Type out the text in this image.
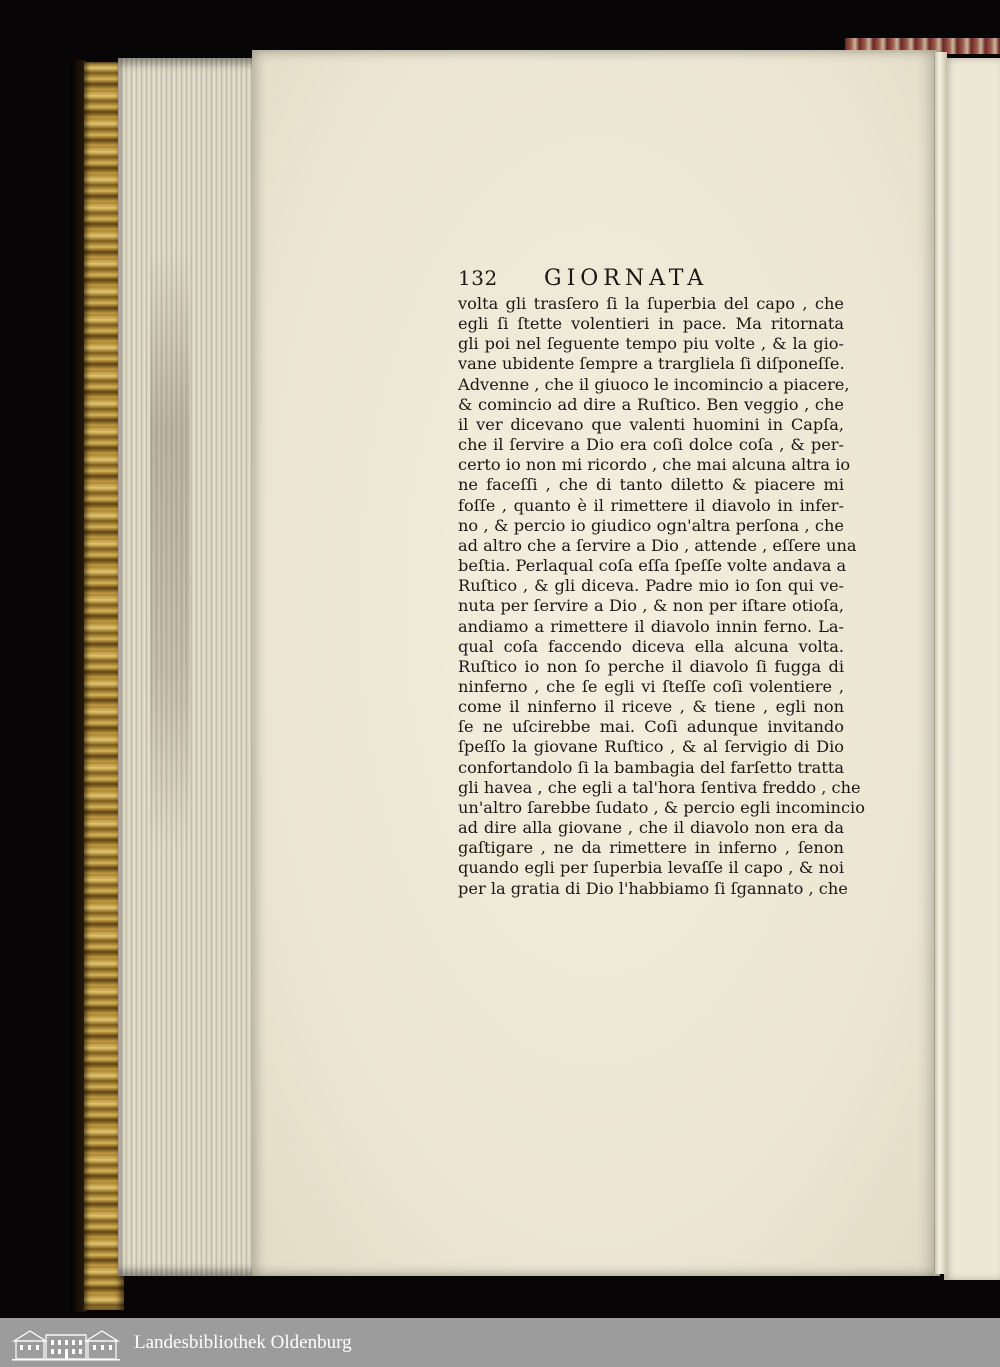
132	GIORNATA
volta gli trasſero ſi la ſuperbia del capo , che
egli ſi ſtette volentieri in pace. Ma ritornata
gli poi nel ſeguente tempo piu volte , & la gio-
vane ubidente ſempre a trargliela ſi diſponeſſe.
Advenne , che il giuoco le incomincio a piacere,
& comincio ad dire a Ruſtico. Ben veggio , che
il ver dicevano que valenti huomini in Capſa,
che il ſervire a Dio era coſi dolce coſa , & per-
certo io non mi ricordo , che mai alcuna altra io
ne faceſſi , che di tanto diletto & piacere mi
foſſe , quanto è il rimettere il diavolo in infer-
no , & percio io giudico ogn'altra perſona , che
ad altro che a ſervire a Dio , attende , eſſere una
beſtia. Perlaqual coſa eſſa ſpeſſe volte andava a
Ruſtico , & gli diceva. Padre mio io ſon qui ve-
nuta per ſervire a Dio , & non per iſtare otioſa,
andiamo a rimettere il diavolo innin ferno. La-
qual coſa faccendo diceva ella alcuna volta.
Ruſtico io non ſo perche il diavolo ſi fugga di
ninferno , che ſe egli vi ſteſſe coſi volentiere ,
come il ninferno il riceve , & tiene , egli non
ſe ne uſcirebbe mai. Coſi adunque invitando
ſpeſſo la giovane Ruſtico , & al ſervigio di Dio
confortandolo ſi la bambagia del farſetto tratta
gli havea , che egli a tal'hora ſentiva freddo , che
un'altro ſarebbe ſudato , & percio egli incomincio
ad dire alla giovane , che il diavolo non era da
gaſtigare , ne da rimettere in inferno , ſenon
quando egli per ſuperbia levaſſe il capo , & noi
per la gratia di Dio l'habbiamo ſi ſgannato , che
Landesbibliothek Oldenburg
